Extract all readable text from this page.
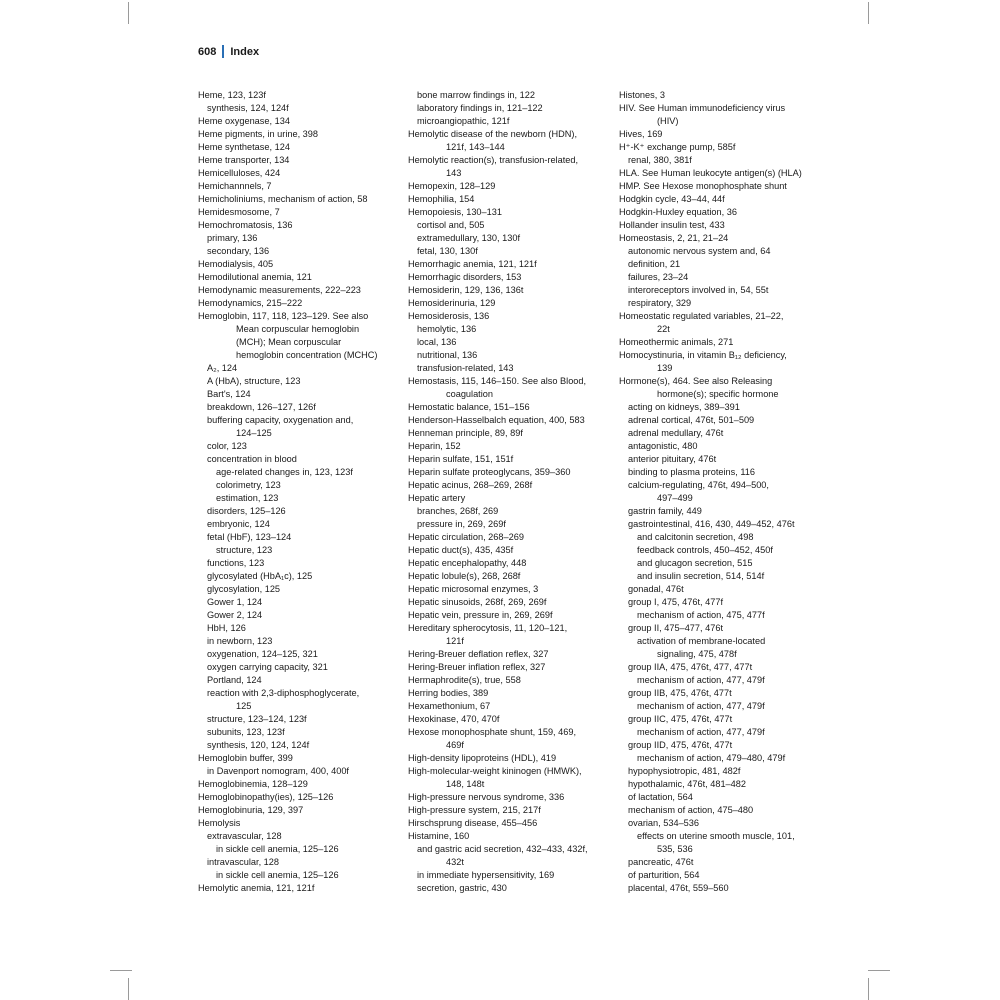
608 Index
Heme, 123, 123f
synthesis, 124, 124f
Heme oxygenase, 134
Heme pigments, in urine, 398
Heme synthetase, 124
Heme transporter, 134
Hemicelluloses, 424
Hemichannnels, 7
Hemicholiniums, mechanism of action, 58
Hemidesmosome, 7
Hemochromatosis, 136
primary, 136
secondary, 136
Hemodialysis, 405
Hemodilutional anemia, 121
Hemodynamic measurements, 222–223
Hemodynamics, 215–222
Hemoglobin, 117, 118, 123–129. See also
Mean corpuscular hemoglobin
(MCH); Mean corpuscular
hemoglobin concentration (MCHC)
A₂, 124
A (HbA), structure, 123
Bart's, 124
breakdown, 126–127, 126f
buffering capacity, oxygenation and,
124–125
color, 123
concentration in blood
age-related changes in, 123, 123f
colorimetry, 123
estimation, 123
disorders, 125–126
embryonic, 124
fetal (HbF), 123–124
structure, 123
functions, 123
glycosylated (HbA₁c), 125
glycosylation, 125
Gower 1, 124
Gower 2, 124
HbH, 126
in newborn, 123
oxygenation, 124–125, 321
oxygen carrying capacity, 321
Portland, 124
reaction with 2,3-diphosphoglycerate,
125
structure, 123–124, 123f
subunits, 123, 123f
synthesis, 120, 124, 124f
Hemoglobin buffer, 399
in Davenport nomogram, 400, 400f
Hemoglobinemia, 128–129
Hemoglobinopathy(ies), 125–126
Hemoglobinuria, 129, 397
Hemolysis
extravascular, 128
in sickle cell anemia, 125–126
intravascular, 128
in sickle cell anemia, 125–126
Hemolytic anemia, 121, 121f
bone marrow findings in, 122
laboratory findings in, 121–122
microangiopathic, 121f
Hemolytic disease of the newborn (HDN),
121f, 143–144
Hemolytic reaction(s), transfusion-related,
143
Hemopexin, 128–129
Hemophilia, 154
Hemopoiesis, 130–131
cortisol and, 505
extramedullary, 130, 130f
fetal, 130, 130f
Hemorrhagic anemia, 121, 121f
Hemorrhagic disorders, 153
Hemosiderin, 129, 136, 136t
Hemosiderinuria, 129
Hemosiderosis, 136
hemolytic, 136
local, 136
nutritional, 136
transfusion-related, 143
Hemostasis, 115, 146–150. See also Blood,
coagulation
Hemostatic balance, 151–156
Henderson-Hasselbalch equation, 400, 583
Henneman principle, 89, 89f
Heparin, 152
Heparin sulfate, 151, 151f
Heparin sulfate proteoglycans, 359–360
Hepatic acinus, 268–269, 268f
Hepatic artery
branches, 268f, 269
pressure in, 269, 269f
Hepatic circulation, 268–269
Hepatic duct(s), 435, 435f
Hepatic encephalopathy, 448
Hepatic lobule(s), 268, 268f
Hepatic microsomal enzymes, 3
Hepatic sinusoids, 268f, 269, 269f
Hepatic vein, pressure in, 269, 269f
Hereditary spherocytosis, 11, 120–121,
121f
Hering-Breuer deflation reflex, 327
Hering-Breuer inflation reflex, 327
Hermaphrodite(s), true, 558
Herring bodies, 389
Hexamethonium, 67
Hexokinase, 470, 470f
Hexose monophosphate shunt, 159, 469,
469f
High-density lipoproteins (HDL), 419
High-molecular-weight kininogen (HMWK),
148, 148t
High-pressure nervous syndrome, 336
High-pressure system, 215, 217f
Hirschsprung disease, 455–456
Histamine, 160
and gastric acid secretion, 432–433, 432f,
432t
in immediate hypersensitivity, 169
secretion, gastric, 430
Histones, 3
HIV. See Human immunodeficiency virus
(HIV)
Hives, 169
H⁺-K⁺ exchange pump, 585f
renal, 380, 381f
HLA. See Human leukocyte antigen(s) (HLA)
HMP. See Hexose monophosphate shunt
Hodgkin cycle, 43–44, 44f
Hodgkin-Huxley equation, 36
Hollander insulin test, 433
Homeostasis, 2, 21, 21–24
autonomic nervous system and, 64
definition, 21
failures, 23–24
interoreceptors involved in, 54, 55t
respiratory, 329
Homeostatic regulated variables, 21–22,
22t
Homeothermic animals, 271
Homocystinuria, in vitamin B₁₂ deficiency,
139
Hormone(s), 464. See also Releasing
hormone(s); specific hormone
acting on kidneys, 389–391
adrenal cortical, 476t, 501–509
adrenal medullary, 476t
antagonistic, 480
anterior pituitary, 476t
binding to plasma proteins, 116
calcium-regulating, 476t, 494–500,
497–499
gastrin family, 449
gastrointestinal, 416, 430, 449–452, 476t
and calcitonin secretion, 498
feedback controls, 450–452, 450f
and glucagon secretion, 515
and insulin secretion, 514, 514f
gonadal, 476t
group I, 475, 476t, 477f
mechanism of action, 475, 477f
group II, 475–477, 476t
activation of membrane-located
signaling, 475, 478f
group IIA, 475, 476t, 477, 477t
mechanism of action, 477, 479f
group IIB, 475, 476t, 477t
mechanism of action, 477, 479f
group IIC, 475, 476t, 477t
mechanism of action, 477, 479f
group IID, 475, 476t, 477t
mechanism of action, 479–480, 479f
hypophysiotropic, 481, 482f
hypothalamic, 476t, 481–482
of lactation, 564
mechanism of action, 475–480
ovarian, 534–536
effects on uterine smooth muscle, 101,
535, 536
pancreatic, 476t
of parturition, 564
placental, 476t, 559–560
